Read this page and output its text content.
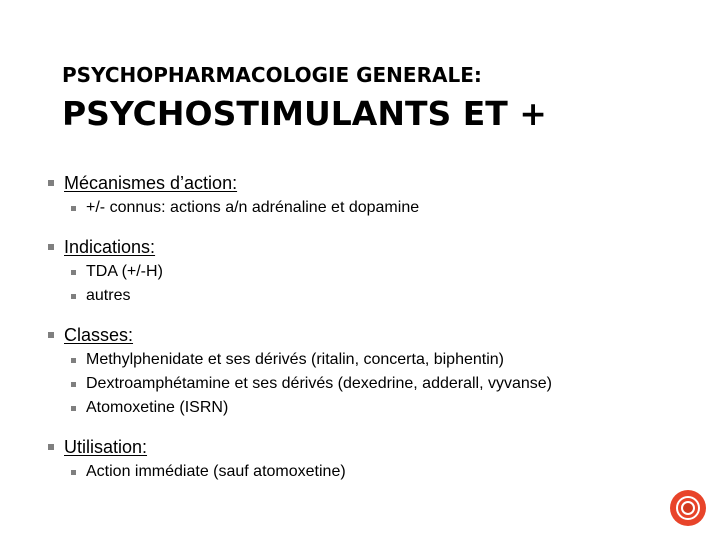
PSYCHOPHARMACOLOGIE GENERALE:
PSYCHOSTIMULANTS ET +
Mécanismes d’action:
+/- connus: actions a/n adrénaline et dopamine
Indications:
TDA (+/-H)
autres
Classes:
Methylphenidate et ses dérivés (ritalin, concerta, biphentin)
Dextroamphétamine et ses dérivés (dexedrine, adderall, vyvanse)
Atomoxetine (ISRN)
Utilisation:
Action immédiate (sauf atomoxetine)
